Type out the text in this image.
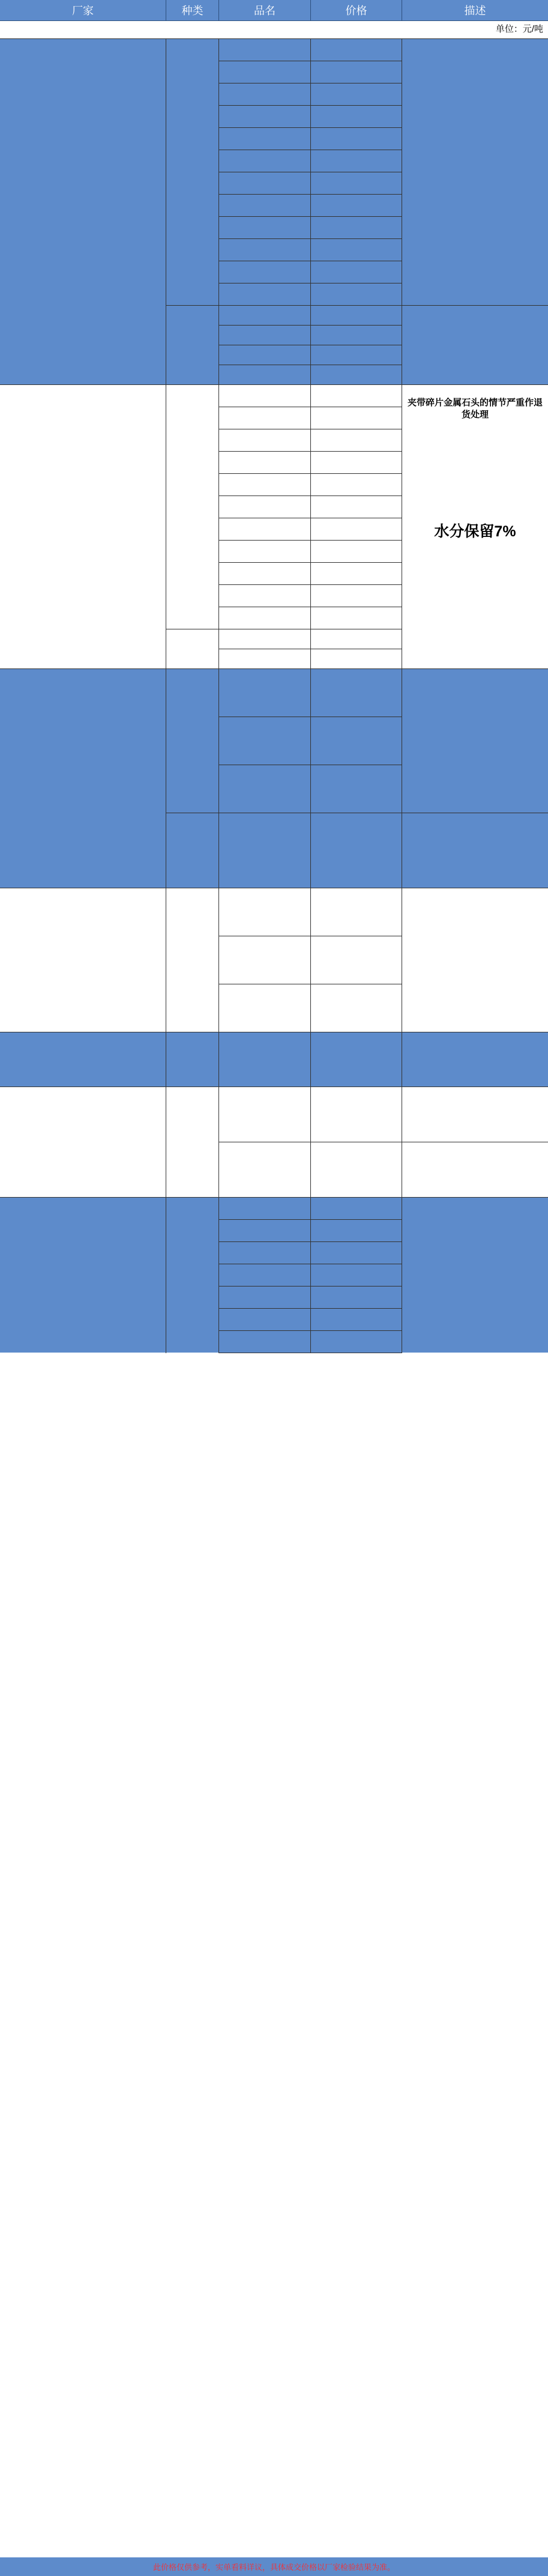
厂家	种类	品名	价格	描述
单位：元/吨
夹带碎片金属石头的情节严重作退货处理
水分保留7%
此价格仅供参考，实单看料详议，具体成交价格以厂家检验结果为准。
